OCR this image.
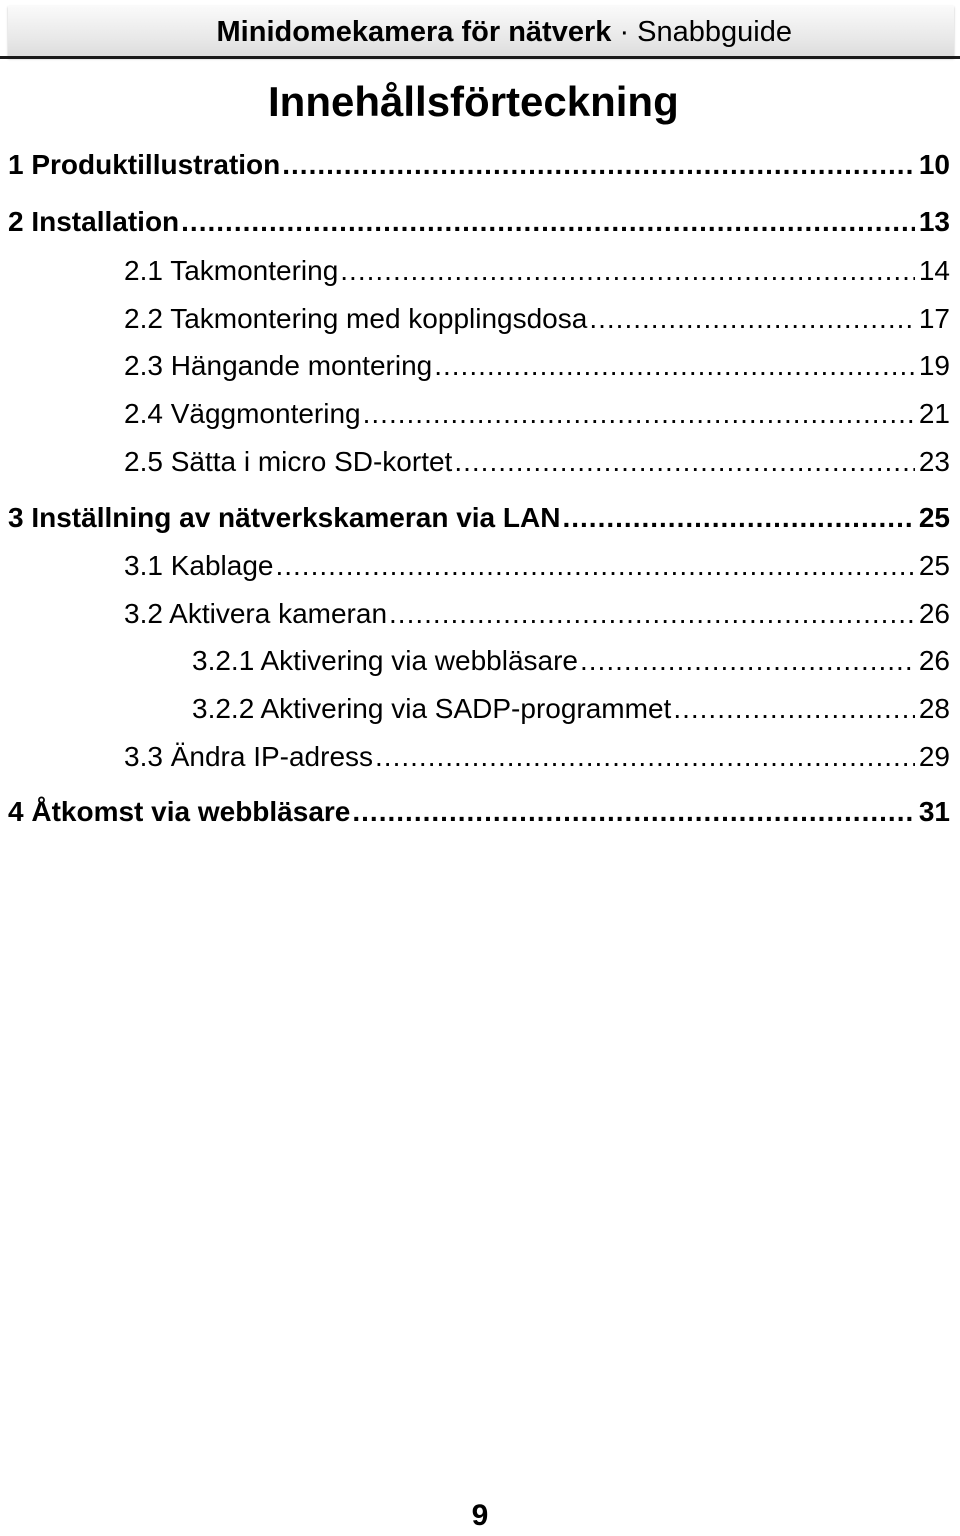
Minidomekamera för nätverk · Snabbguide
Innehållsförteckning
1 Produktillustration .....	10
2 Installation .....	13
2.1 Takmontering .....	14
2.2 Takmontering med kopplingsdosa .....	17
2.3 Hängande montering .....	19
2.4 Väggmontering .....	21
2.5 Sätta i micro SD-kortet .....	23
3 Inställning av nätverkskameran via LAN .....	25
3.1 Kablage .....	25
3.2 Aktivera kameran .....	26
3.2.1 Aktivering via webbläsare .....	26
3.2.2 Aktivering via SADP-programmet .....	28
3.3 Ändra IP-adress .....	29
4 Åtkomst via webbläsare .....	31
9
